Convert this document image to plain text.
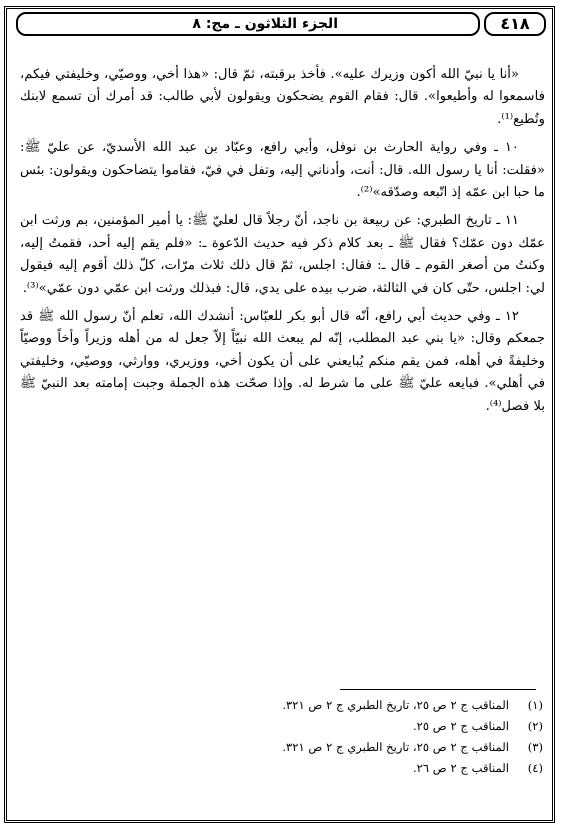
الجزء الثلاثون ـ مج: ٨	٤١٨

«أنا يا نبيّ الله أكون وزيرك عليه». فأخذ برقبته، ثمّ قال: «هذا أخي، ووصيّي، وخليفتي فيكم، فاسمعوا له وأطيعوا». قال: فقام القوم يضحكون ويقولون لأبي طالب: قد أمرك أن تسمع لابنك وتُطيع⁽¹⁾.

١٠ ـ وفي رواية الحارث بن نوفل، وأبي رافع، وعبّاد بن عبد الله الأسديّ، عن عليّ ﷺ: «فقلت: أنا يا رسول الله. قال: أنت، وأدناني إليه، وتفل في فيّ، فقاموا يتضاحكون ويقولون: بئس ما حبا ابن عمّه إذ اتّبعه وصدّقه»⁽²⁾.

١١ ـ تاريخ الطبري: عن ربيعة بن ناجد، أنّ رجلاً قال لعليّ ﷺ: يا أمير المؤمنين، بم ورثت ابن عمّك دون عمّك؟ فقال ﷺ ـ بعد كلام ذكر فيه حديث الدّعوة ـ: «فلم يقم إليه أحد، فقمتُ إليه، وكنتُ من أصغر القوم ـ قال ـ: فقال: اجلس، ثمّ قال ذلك ثلاث مرّات، كلّ ذلك أقوم إليه فيقول لي: اجلس، حتّى كان في الثالثة، ضرب بيده على يدي، قال: فبذلك ورثت ابن عمّي دون عمّي»⁽³⁾.

١٢ ـ وفي حديث أبي رافع، أنّه قال أبو بكر للعبّاس: أنشدك الله، تعلم أنّ رسول الله ﷺ قد جمعكم وقال: «يا بني عبد المطلب، إنّه لم يبعث الله نبيّاً إلاّ جعل له من أهله وزيراً وأخاً ووصيّاً وخليفةً في أهله، فمن يقم منكم يُبايعني على أن يكون أخي، ووزيري، ووارثي، ووصيّي، وخليفتي في أهلي». فبايعه عليّ ﷺ على ما شرط له. وإذا صحّت هذه الجملة وجبت إمامته بعد النبيّ ﷺ بلا فصل⁽⁴⁾.

(١)
المناقب ج ٢ ص ٢٥، تاريخ الطبري ج ٢ ص ٣٢١.
(٢)
المناقب ج ٢ ص ٢٥.
(٣)
المناقب ج ٢ ص ٢٥، تاريخ الطبري ج ٢ ص ٣٢١.
(٤)
المناقب ج ٢ ص ٢٦.
